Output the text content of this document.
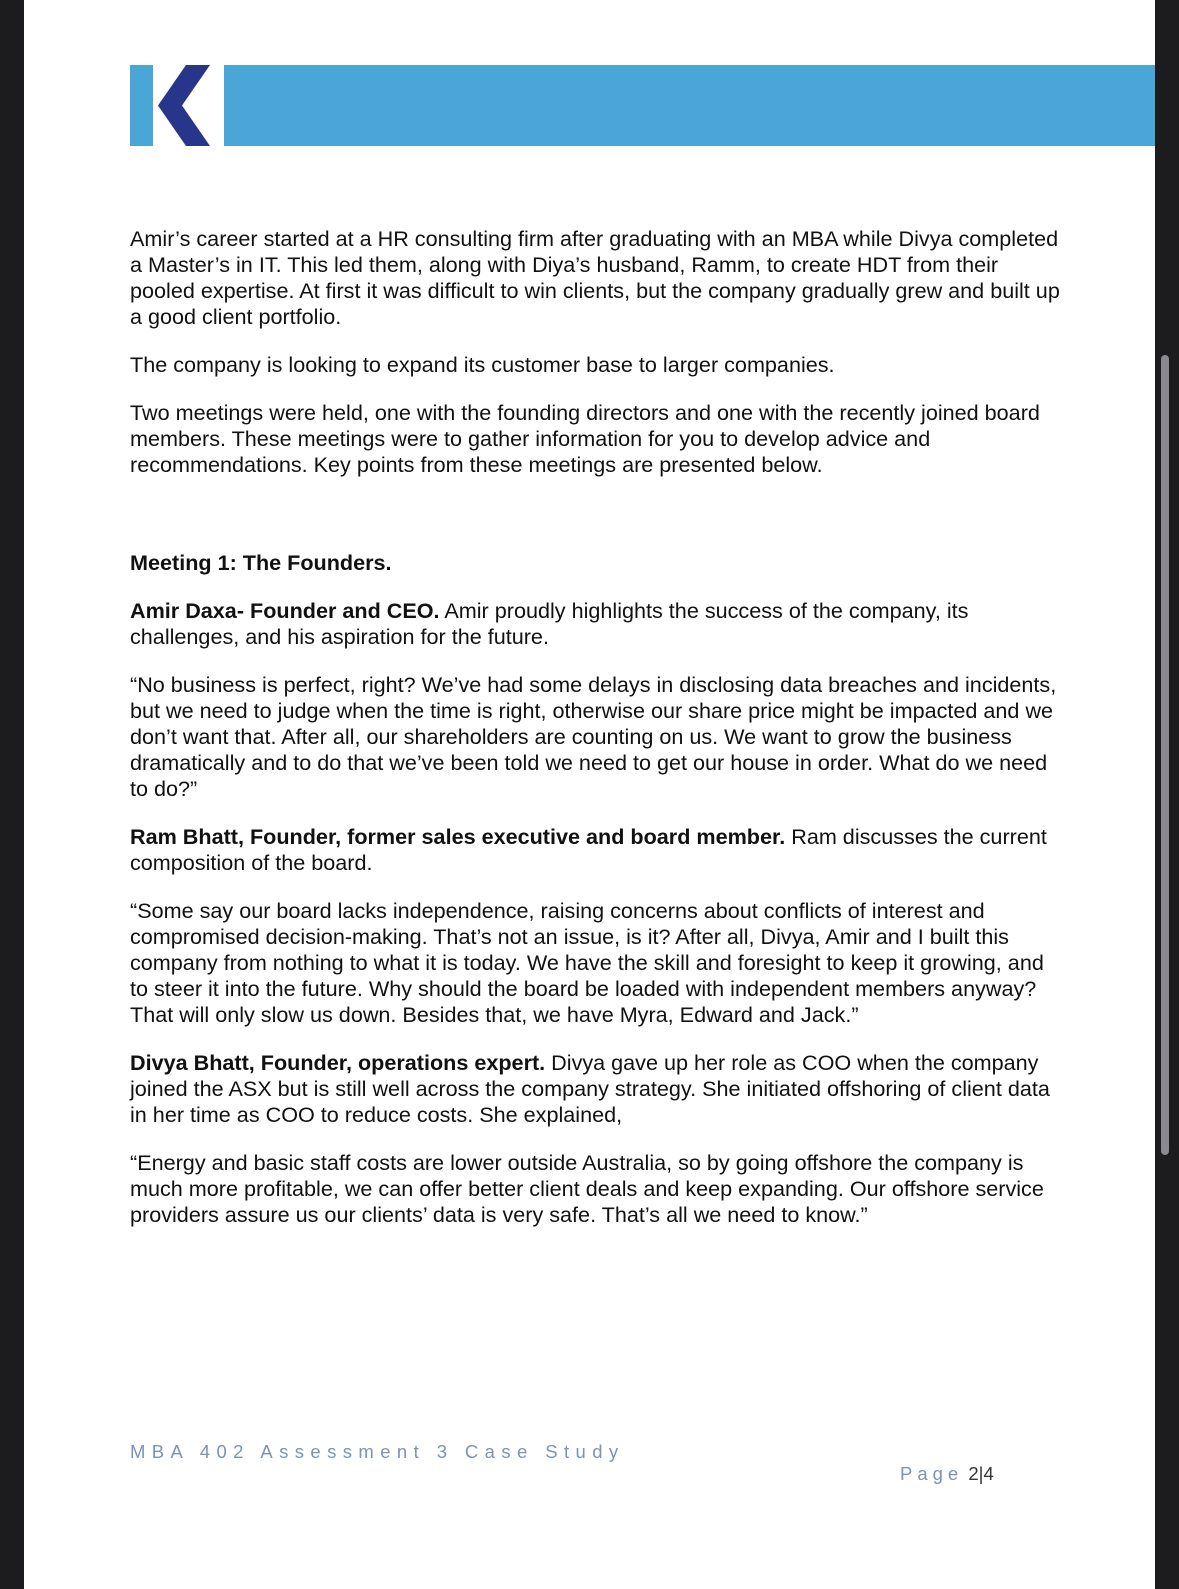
Amir’s career started at a HR consulting firm after graduating with an MBA while Divya completed a Master’s in IT. This led them, along with Diya’s husband, Ramm, to create HDT from their pooled expertise. At first it was difficult to win clients, but the company gradually grew and built up a good client portfolio.

The company is looking to expand its customer base to larger companies.

Two meetings were held, one with the founding directors and one with the recently joined board members. These meetings were to gather information for you to develop advice and recommendations. Key points from these meetings are presented below.

Meeting 1: The Founders.

Amir Daxa- Founder and CEO. Amir proudly highlights the success of the company, its challenges, and his aspiration for the future.

“No business is perfect, right? We’ve had some delays in disclosing data breaches and incidents, but we need to judge when the time is right, otherwise our share price might be impacted and we don’t want that. After all, our shareholders are counting on us. We want to grow the business dramatically and to do that we’ve been told we need to get our house in order. What do we need to do?”

Ram Bhatt, Founder, former sales executive and board member. Ram discusses the current composition of the board.

“Some say our board lacks independence, raising concerns about conflicts of interest and compromised decision-making. That’s not an issue, is it? After all, Divya, Amir and I built this company from nothing to what it is today. We have the skill and foresight to keep it growing, and to steer it into the future. Why should the board be loaded with independent members anyway? That will only slow us down. Besides that, we have Myra, Edward and Jack.”

Divya Bhatt, Founder, operations expert. Divya gave up her role as COO when the company joined the ASX but is still well across the company strategy. She initiated offshoring of client data in her time as COO to reduce costs. She explained,

“Energy and basic staff costs are lower outside Australia, so by going offshore the company is much more profitable, we can offer better client deals and keep expanding. Our offshore service providers assure us our clients’ data is very safe. That’s all we need to know.”

MBA 402 Assessment 3 Case Study
Page 2|4
